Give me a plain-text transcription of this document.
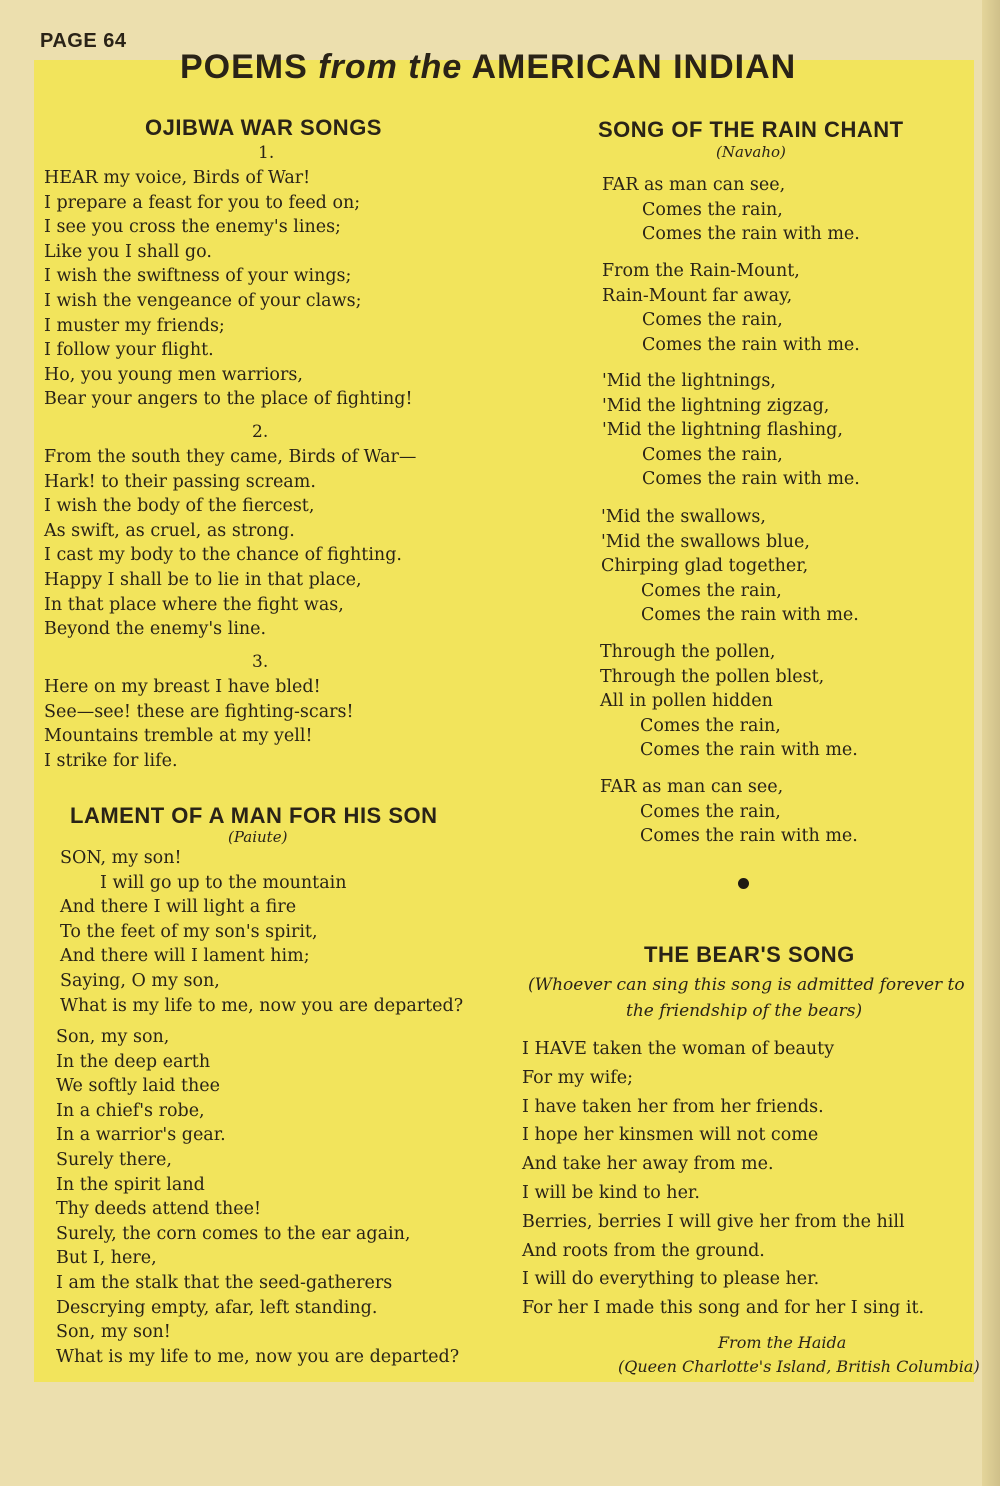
PAGE 64
POEMS from the AMERICAN INDIAN
OJIBWA WAR SONGS
1.
HEAR my voice, Birds of War!
I prepare a feast for you to feed on;
I see you cross the enemy's lines;
Like you I shall go.
I wish the swiftness of your wings;
I wish the vengeance of your claws;
I muster my friends;
I follow your flight.
Ho, you young men warriors,
Bear your angers to the place of fighting!
2.
From the south they came, Birds of War—
Hark! to their passing scream.
I wish the body of the fiercest,
As swift, as cruel, as strong.
I cast my body to the chance of fighting.
Happy I shall be to lie in that place,
In that place where the fight was,
Beyond the enemy's line.
3.
Here on my breast I have bled!
See—see! these are fighting-scars!
Mountains tremble at my yell!
I strike for life.
LAMENT OF A MAN FOR HIS SON
(Paiute)
SON, my son!
I will go up to the mountain
And there I will light a fire
To the feet of my son's spirit,
And there will I lament him;
Saying, O my son,
What is my life to me, now you are departed?
Son, my son,
In the deep earth
We softly laid thee
In a chief's robe,
In a warrior's gear.
Surely there,
In the spirit land
Thy deeds attend thee!
Surely, the corn comes to the ear again,
But I, here,
I am the stalk that the seed-gatherers
Descrying empty, afar, left standing.
Son, my son!
What is my life to me, now you are departed?
SONG OF THE RAIN CHANT
(Navaho)
FAR as man can see,
Comes the rain,
Comes the rain with me.
From the Rain-Mount,
Rain-Mount far away,
Comes the rain,
Comes the rain with me.
'Mid the lightnings,
'Mid the lightning zigzag,
'Mid the lightning flashing,
Comes the rain,
Comes the rain with me.
'Mid the swallows,
'Mid the swallows blue,
Chirping glad together,
Comes the rain,
Comes the rain with me.
Through the pollen,
Through the pollen blest,
All in pollen hidden
Comes the rain,
Comes the rain with me.
FAR as man can see,
Comes the rain,
Comes the rain with me.
THE BEAR'S SONG
(Whoever can sing this song is admitted forever to
the friendship of the bears)
I HAVE taken the woman of beauty
For my wife;
I have taken her from her friends.
I hope her kinsmen will not come
And take her away from me.
I will be kind to her.
Berries, berries I will give her from the hill
And roots from the ground.
I will do everything to please her.
For her I made this song and for her I sing it.
From the Haida
(Queen Charlotte's Island, British Columbia)
